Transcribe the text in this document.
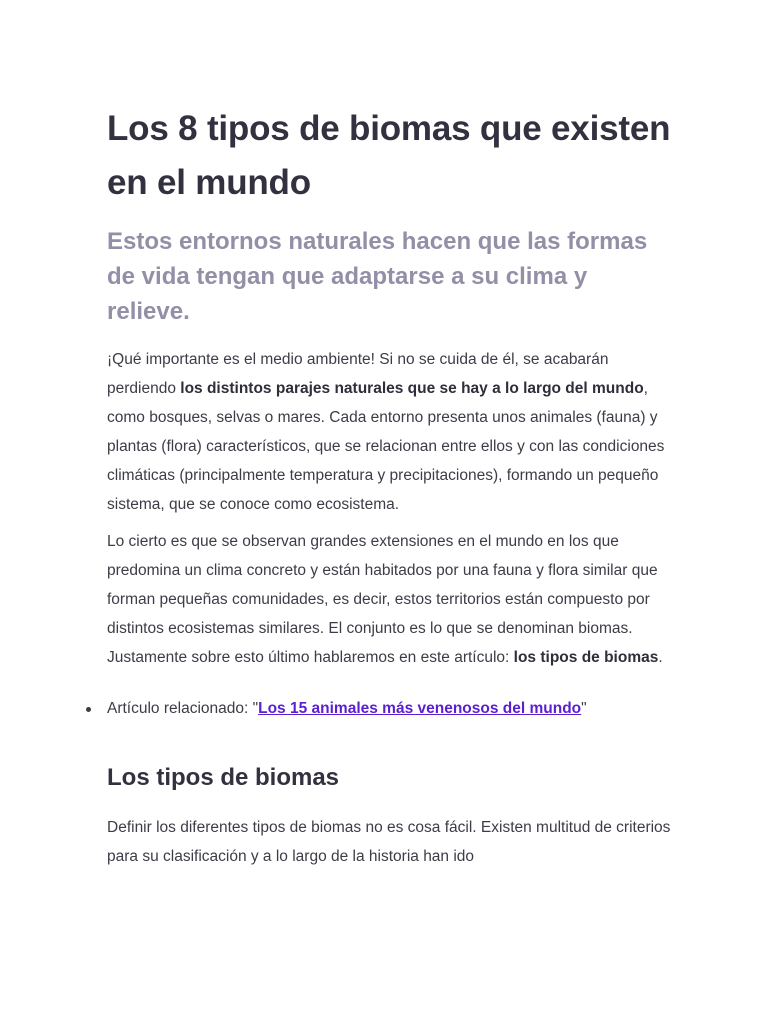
Los 8 tipos de biomas que existen en el mundo
Estos entornos naturales hacen que las formas de vida tengan que adaptarse a su clima y relieve.

¡Qué importante es el medio ambiente! Si no se cuida de él, se acabarán perdiendo los distintos parajes naturales que se hay a lo largo del mundo, como bosques, selvas o mares. Cada entorno presenta unos animales (fauna) y plantas (flora) característicos, que se relacionan entre ellos y con las condiciones climáticas (principalmente temperatura y precipitaciones), formando un pequeño sistema, que se conoce como ecosistema.

Lo cierto es que se observan grandes extensiones en el mundo en los que predomina un clima concreto y están habitados por una fauna y flora similar que forman pequeñas comunidades, es decir, estos territorios están compuesto por distintos ecosistemas similares. El conjunto es lo que se denominan biomas. Justamente sobre esto último hablaremos en este artículo: los tipos de biomas.

Artículo relacionado: "Los 15 animales más venenosos del mundo"
Los tipos de biomas

Definir los diferentes tipos de biomas no es cosa fácil. Existen multitud de criterios para su clasificación y a lo largo de la historia han ido
